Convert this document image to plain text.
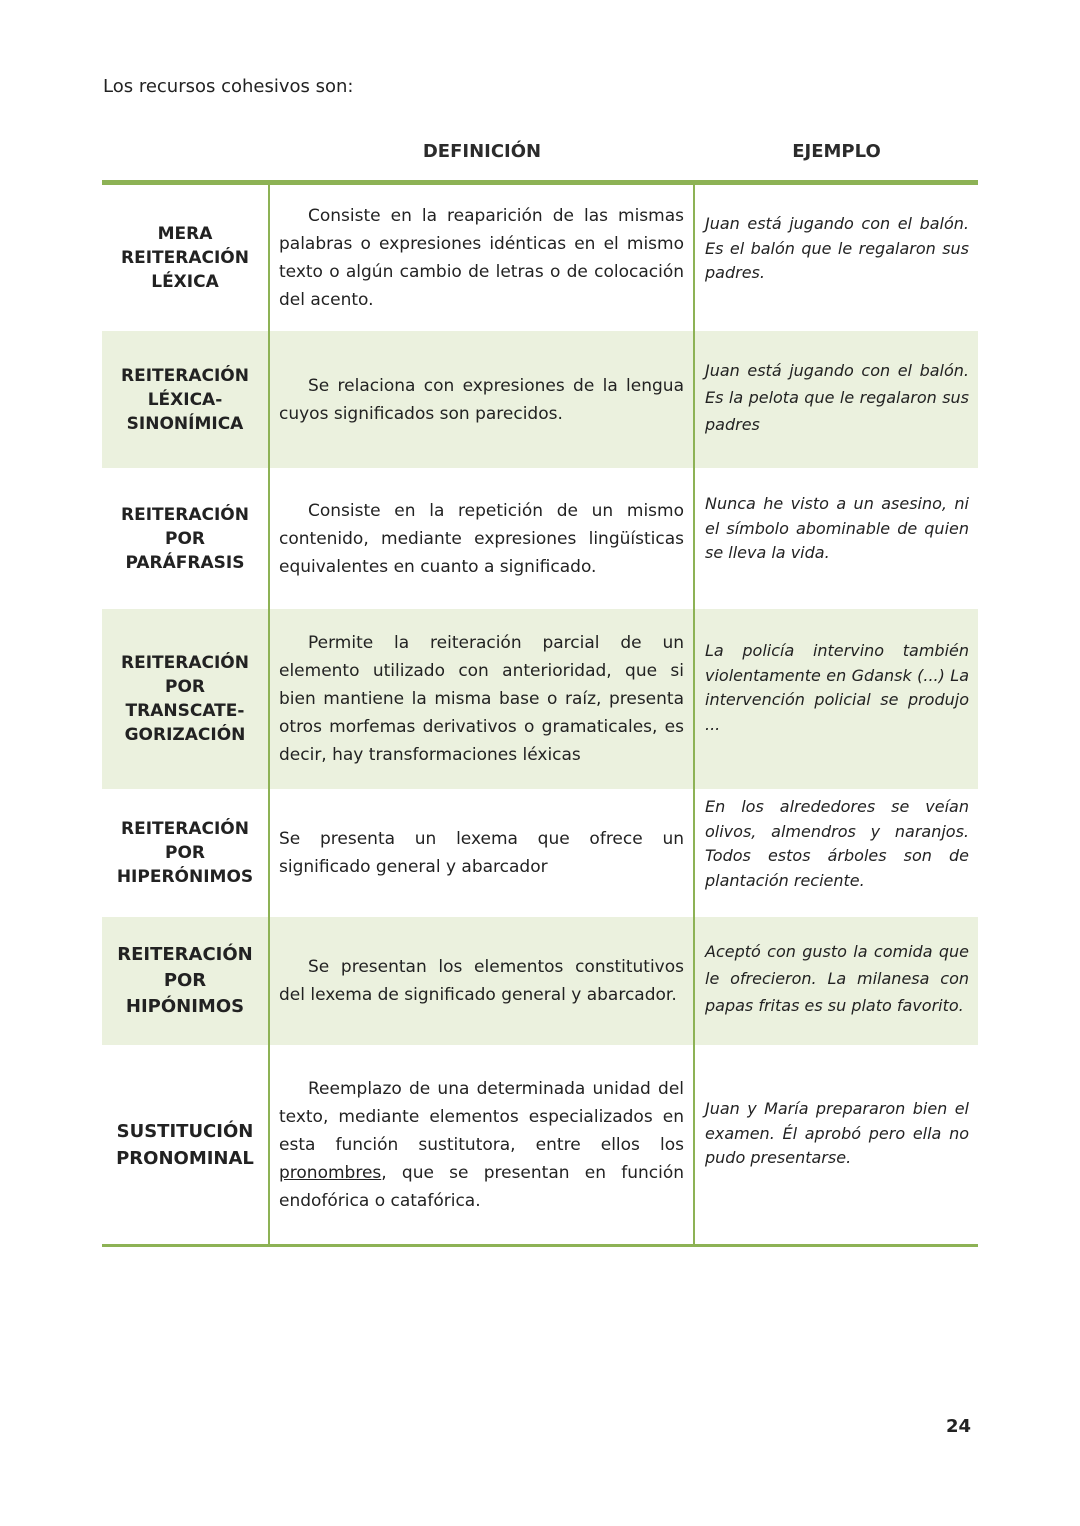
Los recursos cohesivos son:
DEFINICIÓN	EJEMPLO
MERA
REITERACIÓN
LÉXICA

Consiste en la reaparición de las mismas palabras o expresiones idénticas en el mismo texto o algún cambio de letras o de colocación del acento.

Juan está jugando con el balón. Es el balón que le regalaron sus padres.

REITERACIÓN
LÉXICA-
SINONÍMICA

Se relaciona con expresiones de la lengua cuyos significados son parecidos.

Juan está jugando con el balón. Es la pelota que le regalaron sus padres

REITERACIÓN
POR
PARÁFRASIS

Consiste en la repetición de un mismo contenido, mediante expresiones lingüísticas equivalentes en cuanto a significado.

Nunca he visto a un asesino, ni el símbolo abominable de quien se lleva la vida.

REITERACIÓN
POR
TRANSCATE-
GORIZACIÓN

Permite la reiteración parcial de un elemento utilizado con anterioridad, que si bien mantiene la misma base o raíz, presenta otros morfemas derivativos o gramaticales, es decir, hay transformaciones léxicas

La policía intervino también violentamente en Gdansk (...) La intervención policial se produjo ...

REITERACIÓN
POR
HIPERÓNIMOS

Se presenta un lexema que ofrece un significado general y abarcador

En los alrededores se veían olivos, almendros y naranjos. Todos estos árboles son de plantación reciente.

REITERACIÓN
POR
HIPÓNIMOS

Se presentan los elementos constitutivos del lexema de significado general y abarcador.

Aceptó con gusto la comida que le ofrecieron. La milanesa con papas fritas es su plato favorito.

SUSTITUCIÓN
PRONOMINAL

Reemplazo de una determinada unidad del texto, mediante elementos especializados en esta función sustitutora, entre ellos los pronombres, que se presentan en función endofórica o catafórica.

Juan y María prepararon bien el examen. Él aprobó pero ella no pudo presentarse.

24
